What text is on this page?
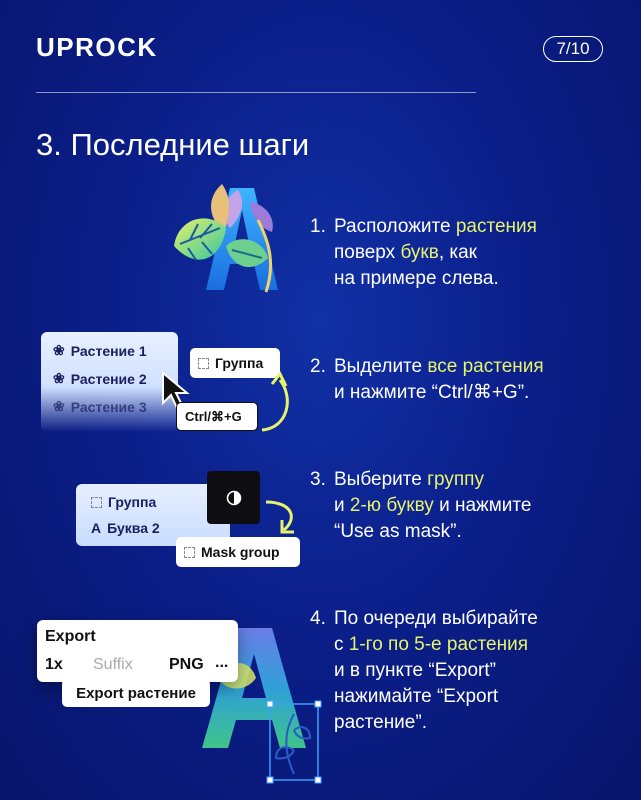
UPROCK	7/10
3. Последние шаги
1. Расположите растения
поверх букв, как
на примере слева.
❀ Растение 1
❀ Растение 2
❀ Растение 3
Группа
Ctrl/⌘+G
2. Выделите все растения
и нажмите “Ctrl/⌘+G”.
Группа
A Буква 2
Mask group
3. Выберите группу
и 2-ю букву и нажмите
“Use as mask”.
Export
1x Suffix PNG ...
Export растение
4. По очереди выбирайте
с 1-го по 5-е растения
и в пункте “Export”
нажимайте “Export
растение”.
